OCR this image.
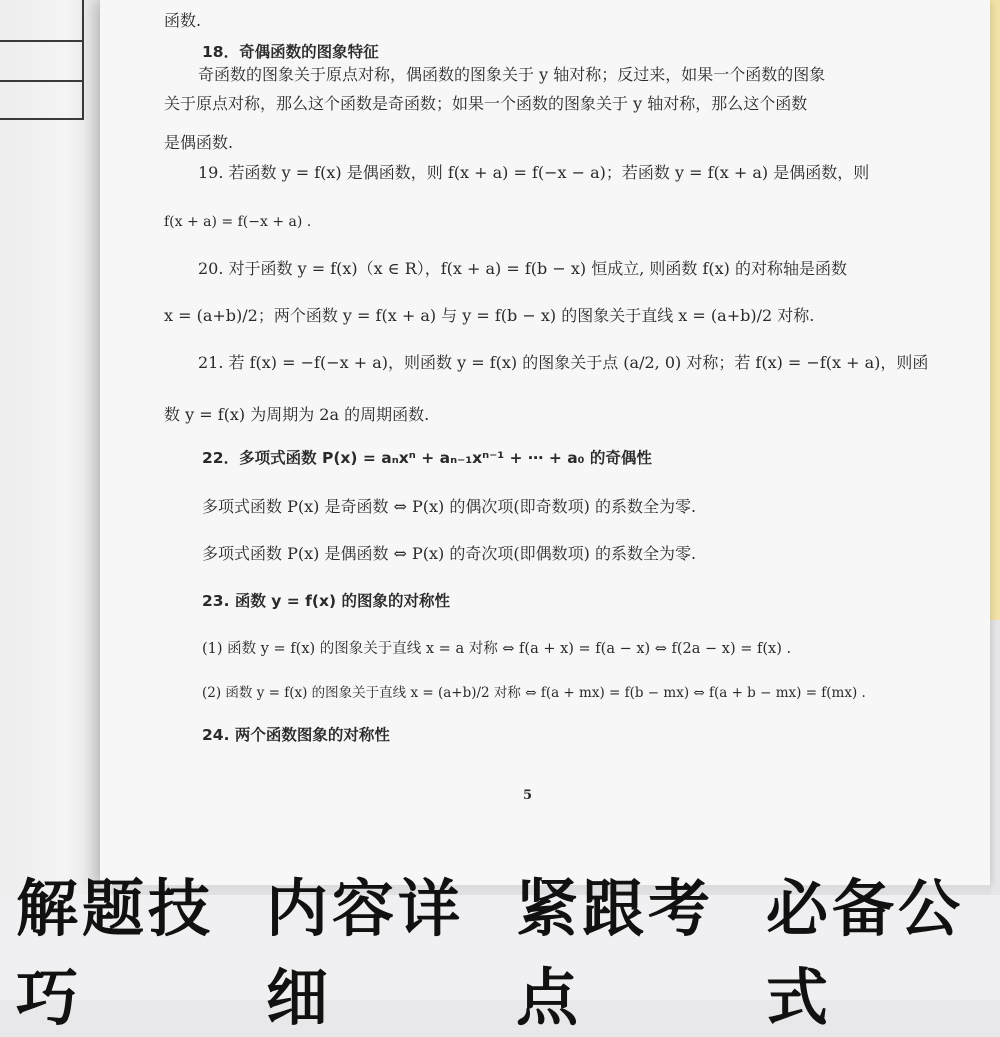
函数.
18．奇偶函数的图象特征
奇函数的图象关于原点对称，偶函数的图象关于 y 轴对称；反过来，如果一个函数的图象
关于原点对称，那么这个函数是奇函数；如果一个函数的图象关于 y 轴对称，那么这个函数
是偶函数.
19. 若函数 y = f(x) 是偶函数，则 f(x + a) = f(−x − a)；若函数 y = f(x + a) 是偶函数，则
f(x + a) = f(−x + a) .
20. 对于函数 y = f(x)（x ∈ R），f(x + a) = f(b − x) 恒成立, 则函数 f(x) 的对称轴是函数
x = (a+b)/2；两个函数 y = f(x + a) 与 y = f(b − x) 的图象关于直线 x = (a+b)/2 对称.
21. 若 f(x) = −f(−x + a)，则函数 y = f(x) 的图象关于点 (a/2, 0) 对称；若 f(x) = −f(x + a)，则函
数 y = f(x) 为周期为 2a 的周期函数.
22．多项式函数 P(x) = aₙxⁿ + aₙ₋₁xⁿ⁻¹ + ⋯ + a₀ 的奇偶性
多项式函数 P(x) 是奇函数 ⇔ P(x) 的偶次项(即奇数项) 的系数全为零.
多项式函数 P(x) 是偶函数 ⇔ P(x) 的奇次项(即偶数项) 的系数全为零.
23. 函数 y = f(x) 的图象的对称性
(1) 函数 y = f(x) 的图象关于直线 x = a 对称 ⇔ f(a + x) = f(a − x) ⇔ f(2a − x) = f(x) .
(2) 函数 y = f(x) 的图象关于直线 x = (a+b)/2 对称 ⇔ f(a + mx) = f(b − mx) ⇔ f(a + b − mx) = f(mx) .
24. 两个函数图象的对称性
5
解题技巧
内容详细
紧跟考点
必备公式
